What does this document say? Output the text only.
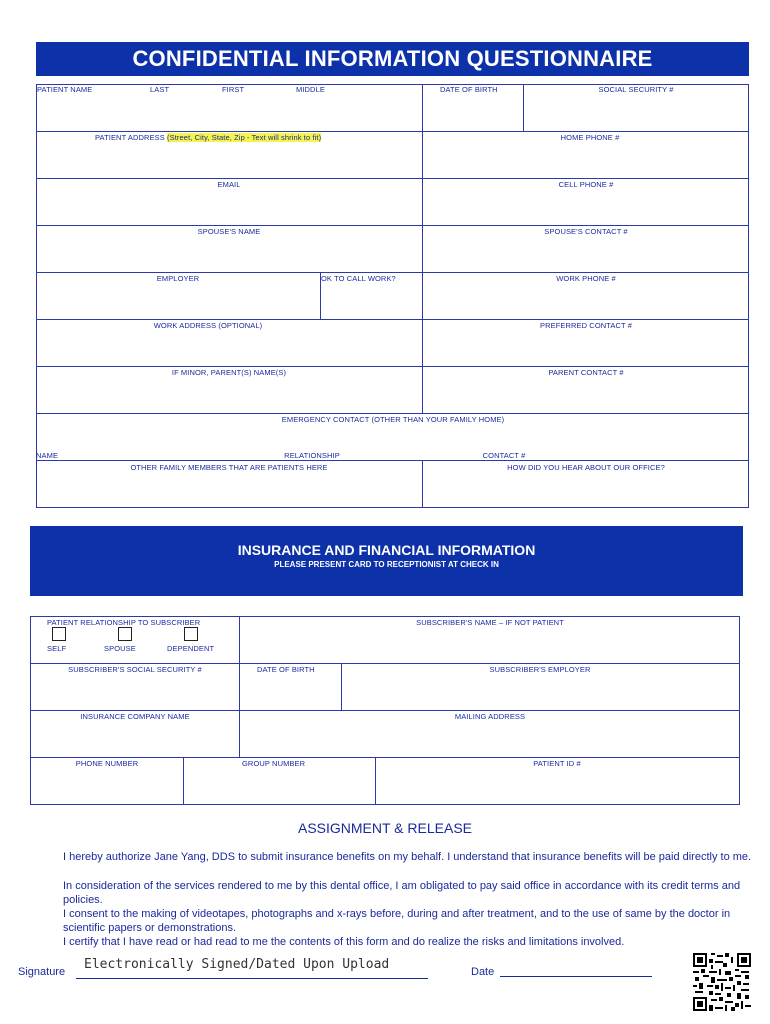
CONFIDENTIAL INFORMATION QUESTIONNAIRE
PATIENT NAME	LAST	FIRST	MIDDLE	DATE OF BIRTH	SOCIAL SECURITY #
PATIENT ADDRESS (Street, City, State, Zip - Text will shrink to fit)	HOME PHONE #
EMAIL	CELL PHONE #
SPOUSE'S NAME	SPOUSE'S CONTACT #
EMPLOYER	OK TO CALL WORK?	WORK PHONE #
WORK ADDRESS (OPTIONAL)	PREFERRED CONTACT #
IF MINOR, PARENT(S) NAME(S)	PARENT CONTACT #
EMERGENCY CONTACT (OTHER THAN YOUR FAMILY HOME)
NAME	RELATIONSHIP	CONTACT #
OTHER FAMILY MEMBERS THAT ARE PATIENTS HERE	HOW DID YOU HEAR ABOUT OUR OFFICE?
INSURANCE AND FINANCIAL INFORMATION
PLEASE PRESENT CARD TO RECEPTIONIST AT CHECK IN
PATIENT RELATIONSHIP TO SUBSCRIBER	SUBSCRIBER'S NAME – IF NOT PATIENT
SELF	SPOUSE	DEPENDENT
SUBSCRIBER'S SOCIAL SECURITY #	DATE OF BIRTH	SUBSCRIBER'S EMPLOYER
INSURANCE COMPANY NAME	MAILING ADDRESS
PHONE NUMBER	GROUP NUMBER	PATIENT ID #
ASSIGNMENT & RELEASE
I hereby authorize Jane Yang, DDS to submit insurance benefits on my behalf. I understand that insurance benefits will be paid directly to me.
In consideration of the services rendered to me by this dental office, I am obligated to pay said office in accordance with its credit terms and policies.
I consent to the making of videotapes, photographs and x-rays before, during and after treatment, and to the use of same by the doctor in scientific papers or demonstrations.
I certify that I have read or had read to me the contents of this form and do realize the risks and limitations involved.
Signature Electronically Signed/Dated Upon Upload	Date
